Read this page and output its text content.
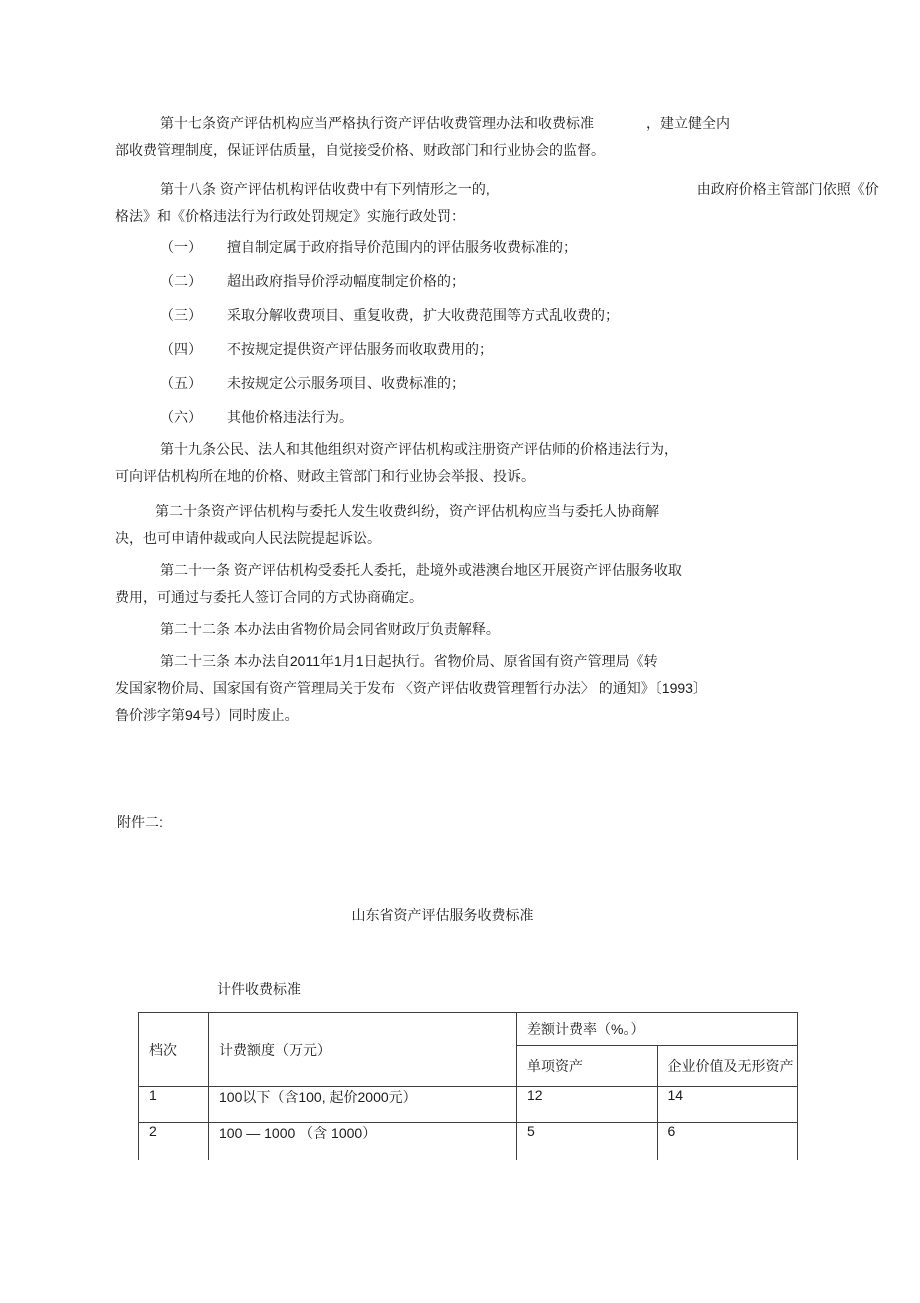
第十七条资产评估机构应当严格执行资产评估收费管理办法和收费标准	，建立健全内
部收费管理制度，保证评估质量，自觉接受价格、财政部门和行业协会的监督。
第十八条 资产评估机构评估收费中有下列情形之一的,	由政府价格主管部门依照《价
格法》和《价格违法行为行政处罚规定》实施行政处罚：
（一） 擅自制定属于政府指导价范围内的评估服务收费标准的；
（二） 超出政府指导价浮动幅度制定价格的；
（三） 采取分解收费项目、重复收费，扩大收费范围等方式乱收费的；
（四） 不按规定提供资产评估服务而收取费用的；
（五） 未按规定公示服务项目、收费标准的；
（六） 其他价格违法行为。
第十九条公民、法人和其他组织对资产评估机构或注册资产评估师的价格违法行为，
可向评估机构所在地的价格、财政主管部门和行业协会举报、投诉。
第二十条资产评估机构与委托人发生收费纠纷，资产评估机构应当与委托人协商解
决，也可申请仲裁或向人民法院提起诉讼。
第二十一条 资产评估机构受委托人委托，赴境外或港澳台地区开展资产评估服务收取
费用，可通过与委托人签订合同的方式协商确定。
第二十二条 本办法由省物价局会同省财政厅负责解释。
第二十三条 本办法自2011年1月1日起执行。省物价局、原省国有资产管理局《转
发国家物价局、国家国有资产管理局关于发布 〈资产评估收费管理暂行办法〉 的通知》〔1993〕
鲁价涉字第94号）同时废止。
附件二:
山东省资产评估服务收费标准
计件收费标准
档次	计费额度（万元）	差额计费率（%。）	
		单项资产	企业价值及无形资产
1	100以下（含100, 起价2000元）	12	14
2	100 — 1000 （含 1000）	5	6
